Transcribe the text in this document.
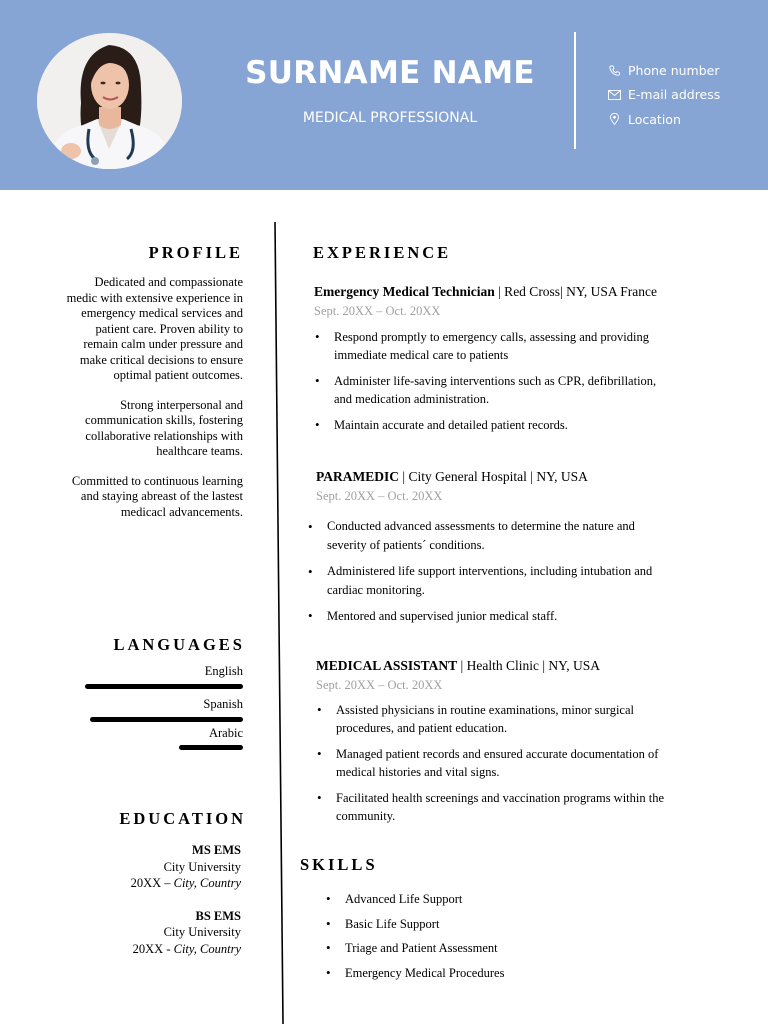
SURNAME NAME
MEDICAL PROFESSIONAL
Phone number
E-mail address
Location
PROFILE

Dedicated and compassionate
medic with extensive experience in
emergency medical services and
patient care. Proven ability to
remain calm under pressure and
make critical decisions to ensure
optimal patient outcomes.

Strong interpersonal and
communication skills, fostering
collaborative relationships with
healthcare teams.

Committed to continuous learning
and staying abreast of the lastest
medicacl advancements.

LANGUAGES
English
Spanish
Arabic
EDUCATION
MS EMS
City University
20XX – City, Country
BS EMS
City University
20XX - City, Country
EXPERIENCE
Emergency Medical Technician | Red Cross| NY, USA France
Sept. 20XX – Oct. 20XX
• Respond promptly to emergency calls, assessing and providing
immediate medical care to patients
• Administer life-saving interventions such as CPR, defibrillation,
and medication administration.
• Maintain accurate and detailed patient records.
PARAMEDIC | City General Hospital | NY, USA
Sept. 20XX – Oct. 20XX
• Conducted advanced assessments to determine the nature and
severity of patients´ conditions.
• Administered life support interventions, including intubation and
cardiac monitoring.
• Mentored and supervised junior medical staff.
MEDICAL ASSISTANT | Health Clinic | NY, USA
Sept. 20XX – Oct. 20XX
• Assisted physicians in routine examinations, minor surgical
procedures, and patient education.
• Managed patient records and ensured accurate documentation of
medical histories and vital signs.
• Facilitated health screenings and vaccination programs within the
community.
SKILLS
• Advanced Life Support
• Basic Life Support
• Triage and Patient Assessment
• Emergency Medical Procedures
